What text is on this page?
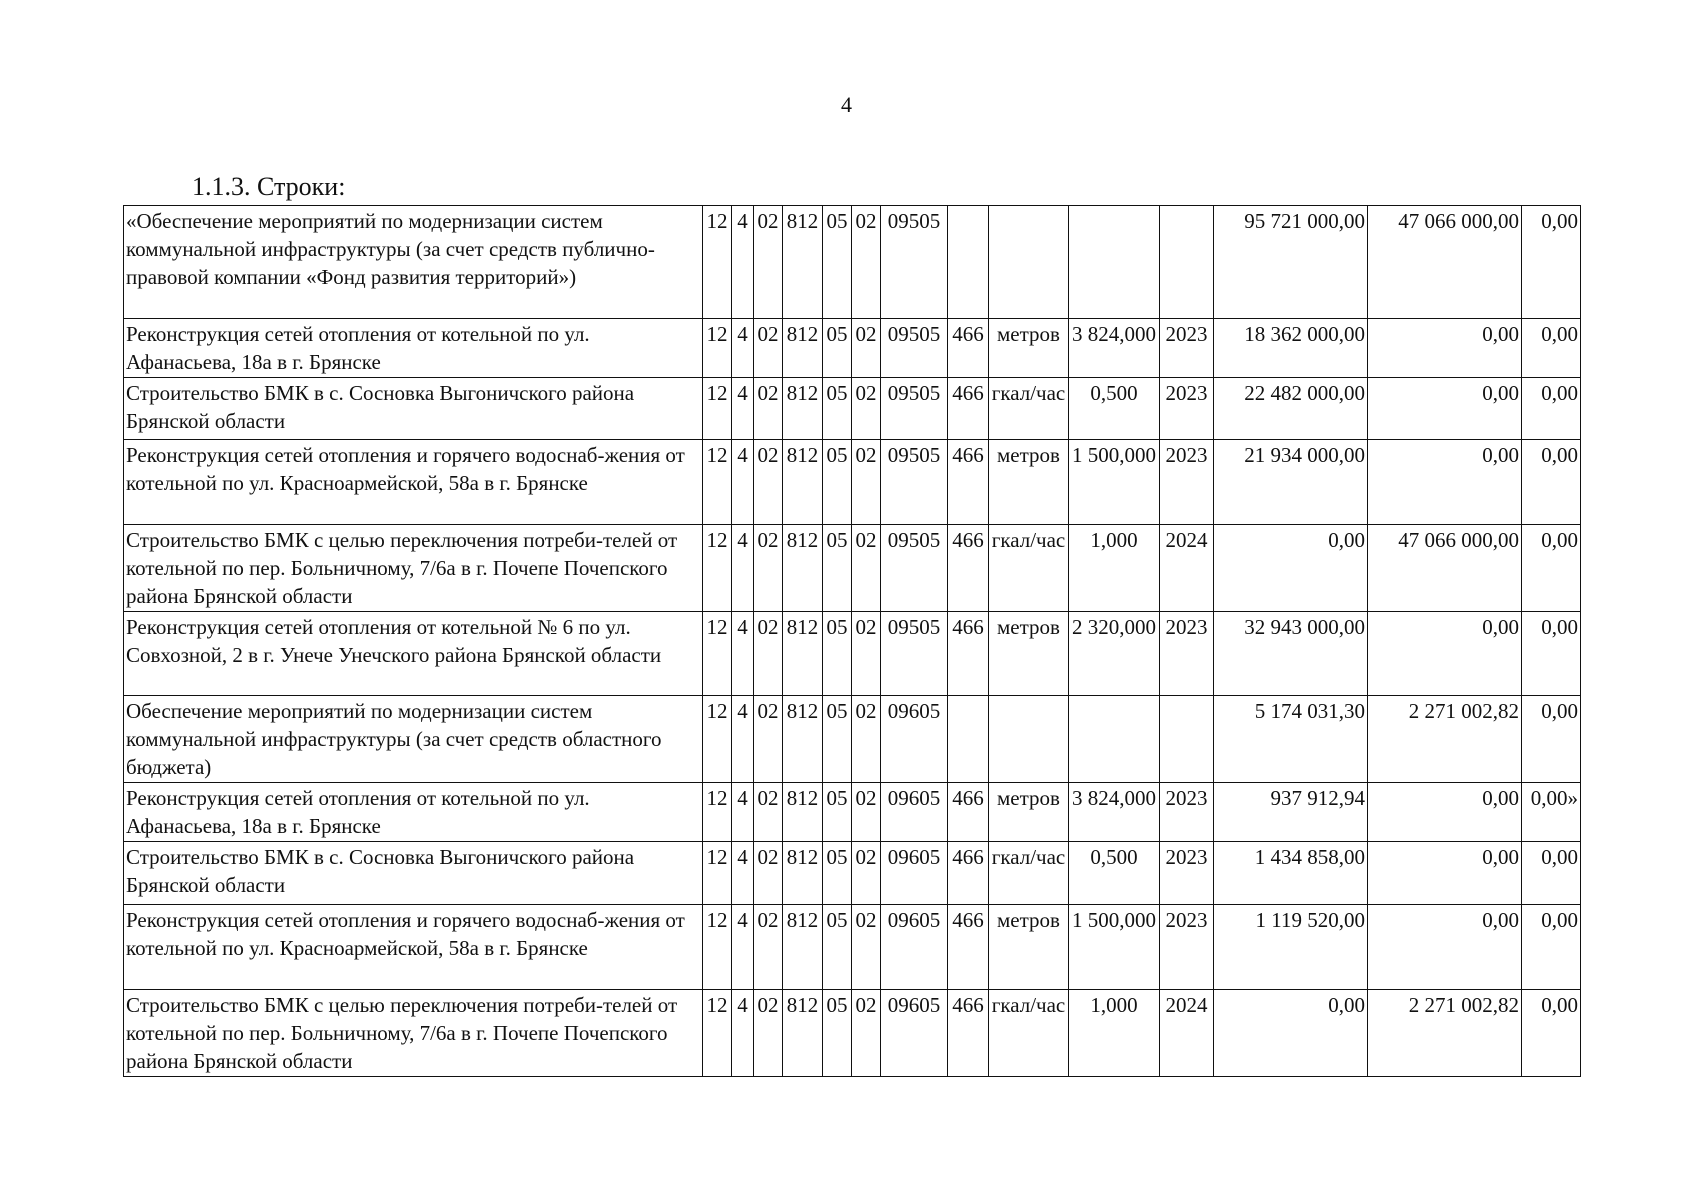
4
1.1.3. Строки:
«Обеспечение мероприятий по модернизации систем коммунальной инфраструктуры (за счет средств публично-правовой компании «Фонд развития территорий»)	12	4	02	812	05	02	09505					95 721 000,00	47 066 000,00	0,00
Реконструкция сетей отопления от котельной по ул. Афанасьева, 18а в г. Брянске	12	4	02	812	05	02	09505	466	метров	3 824,000	2023	18 362 000,00	0,00	0,00
Строительство БМК в с. Сосновка Выгоничского района Брянской области	12	4	02	812	05	02	09505	466	гкал/час	0,500	2023	22 482 000,00	0,00	0,00
Реконструкция сетей отопления и горячего водоснаб-жения от котельной по ул. Красноармейской, 58а в г. Брянске	12	4	02	812	05	02	09505	466	метров	1 500,000	2023	21 934 000,00	0,00	0,00
Строительство БМК с целью переключения потреби-телей от котельной по пер. Больничному, 7/6а в г. Почепе Почепского района Брянской области	12	4	02	812	05	02	09505	466	гкал/час	1,000	2024	0,00	47 066 000,00	0,00
Реконструкция сетей отопления от котельной № 6 по ул. Совхозной, 2 в г. Унече Унечского района Брянской области	12	4	02	812	05	02	09505	466	метров	2 320,000	2023	32 943 000,00	0,00	0,00
Обеспечение мероприятий по модернизации систем коммунальной инфраструктуры (за счет средств областного бюджета)	12	4	02	812	05	02	09605					5 174 031,30	2 271 002,82	0,00
Реконструкция сетей отопления от котельной по ул. Афанасьева, 18а в г. Брянске	12	4	02	812	05	02	09605	466	метров	3 824,000	2023	937 912,94	0,00	0,00»
Строительство БМК в с. Сосновка Выгоничского района Брянской области	12	4	02	812	05	02	09605	466	гкал/час	0,500	2023	1 434 858,00	0,00	0,00
Реконструкция сетей отопления и горячего водоснаб-жения от котельной по ул. Красноармейской, 58а в г. Брянске	12	4	02	812	05	02	09605	466	метров	1 500,000	2023	1 119 520,00	0,00	0,00
Строительство БМК с целью переключения потреби-телей от котельной по пер. Больничному, 7/6а в г. Почепе Почепского района Брянской области	12	4	02	812	05	02	09605	466	гкал/час	1,000	2024	0,00	2 271 002,82	0,00
